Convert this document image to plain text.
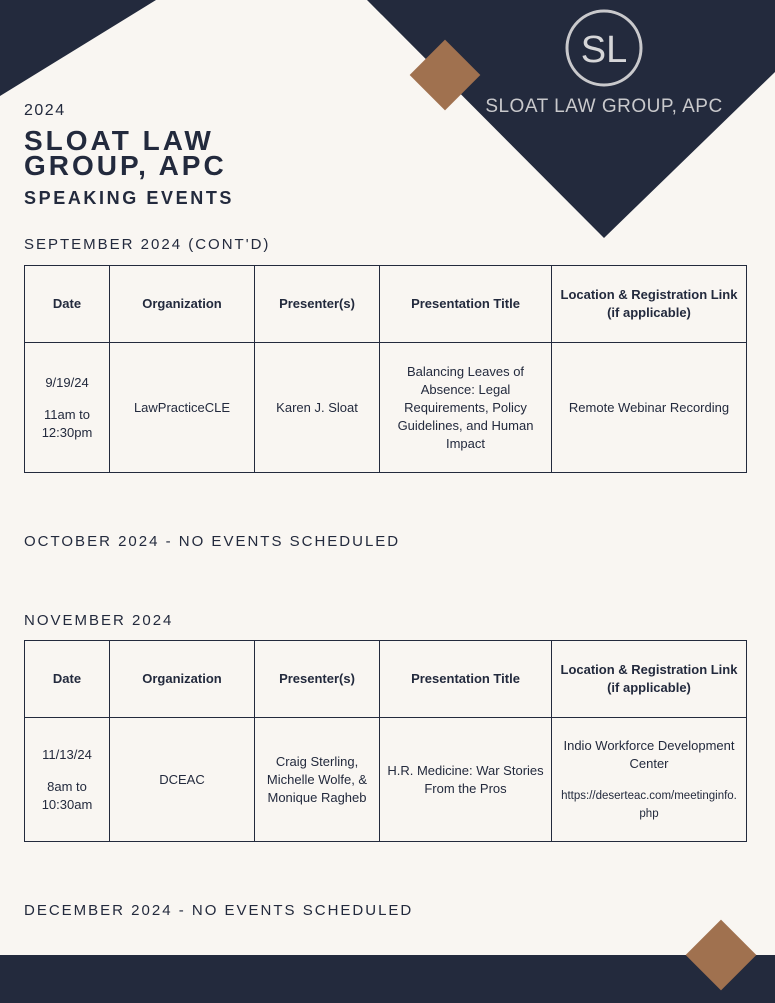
SL
SLOAT LAW GROUP, APC
2024
SLOAT LAW GROUP, APC
SPEAKING EVENTS
SEPTEMBER 2024 (CONT'D)
Date	Organization	Presenter(s)	Presentation Title	Location & Registration Link (if applicable)

9/19/24
11am to 12:30pm	LawPracticeCLE	Karen J. Sloat	Balancing Leaves of Absence: Legal Requirements, Policy Guidelines, and Human Impact	Remote Webinar Recording
OCTOBER 2024 - NO EVENTS SCHEDULED
NOVEMBER 2024
Date	Organization	Presenter(s)	Presentation Title	Location & Registration Link (if applicable)

11/13/24
8am to 10:30am	DCEAC	Craig Sterling, Michelle Wolfe, & Monique Ragheb	H.R. Medicine: War Stories From the Pros	Indio Workforce Development Center
https://deserteac.com/meetinginfo.php
DECEMBER 2024 - NO EVENTS SCHEDULED
